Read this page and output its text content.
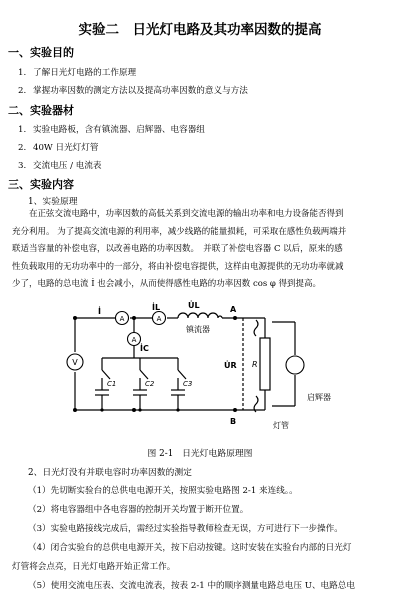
实验二　日光灯电路及其功率因数的提高
一、实验目的
1. 了解日光灯电路的工作原理
2. 掌握功率因数的测定方法以及提高功率因数的意义与方法
二、实验器材
1. 实验电路板，含有镇流器、启辉器、电容器组
2. 40W 日光灯灯管
3. 交流电压 / 电流表
三、实验内容
1、实验原理
　　在正弦交流电路中，功率因数的高低关系到交流电源的输出功率和电力设备能否得到
充分利用。 为了提高交流电源的利用率，减少线路的能量损耗，可采取在感性负载两端并
联适当容量的补偿电容，以改善电路的功率因数。　并联了补偿电容器 C 以后，原来的感
性负载取用的无功功率中的一部分，将由补偿电容提供，这样由电源提供的无功功率就减
少了，电路的总电流 İ 也会减小，从而使得感性电路的功率因数 cos φ 得到提高。
A	A
A
V
İ	İL
İC
U̇L
镇流器
A
B
U̇R R
启辉器
灯管
C1	C2	C3
图 2-1　日光灯电路原理图
2、日光灯没有并联电容时功率因数的测定
（1）先切断实验台的总供电电源开关，按照实验电路图 2-1 来连线。。
（2）将电容器组中各电容器的控制开关均置于断开位置。
（3）实验电路接线完成后，需经过实验指导教师检查无误，方可进行下一步操作。
（4）闭合实验台的总供电电源开关，按下启动按键。这时安装在实验台内部的日光灯
灯管将会点亮，日光灯电路开始正常工作。
（5）使用交流电压表、交流电流表，按表 2-1 中的顺序测量电路总电压 U、电路总电
